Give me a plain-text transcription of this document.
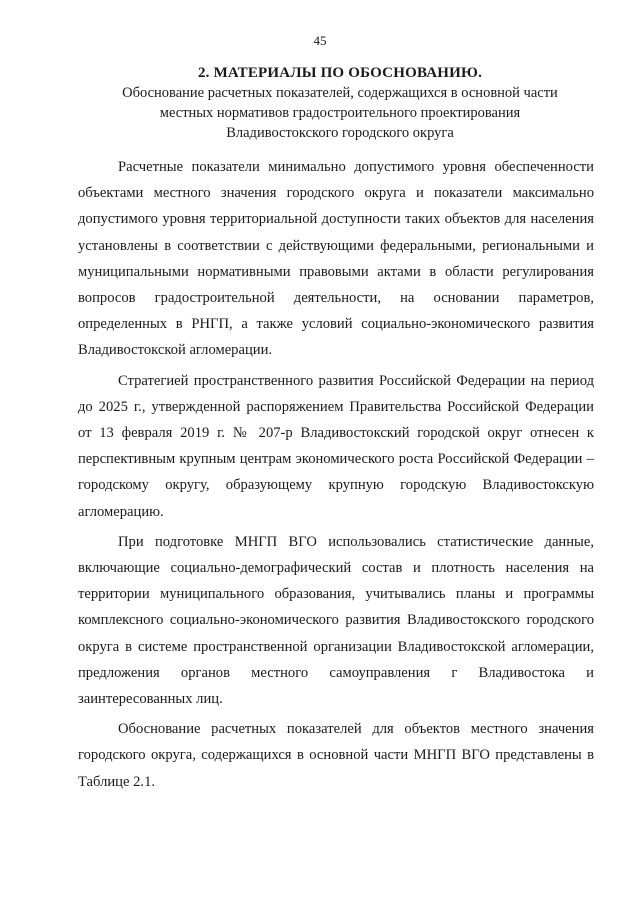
45
2. МАТЕРИАЛЫ ПО ОБОСНОВАНИЮ.
Обоснование расчетных показателей, содержащихся в основной части
местных нормативов градостроительного проектирования
Владивостокского городского округа

Расчетные показатели минимально допустимого уровня обеспеченности объектами местного значения городского округа и показатели максимально допустимого уровня территориальной доступности таких объектов для населения установлены в соответствии с действующими федеральными, региональными и муниципальными нормативными правовыми актами в области регулирования вопросов градостроительной деятельности, на основании параметров, определенных в РНГП, а также условий социально-экономического развития Владивостокской агломерации.

Стратегией пространственного развития Российской Федерации на период до 2025 г., утвержденной распоряжением Правительства Российской Федерации от 13 февраля 2019 г. № 207-р Владивостокский городской округ отнесен к перспективным крупным центрам экономического роста Российской Федерации – городскому округу, образующему крупную городскую Владивостокскую агломерацию.

При подготовке МНГП ВГО использовались статистические данные, включающие социально-демографический состав и плотность населения на территории муниципального образования, учитывались планы и программы комплексного социально-экономического развития Владивостокского городского округа в системе пространственной организации Владивостокской агломерации, предложения органов местного самоуправления г Владивостока и заинтересованных лиц.

Обоснование расчетных показателей для объектов местного значения городского округа, содержащихся в основной части МНГП ВГО представлены в Таблице 2.1.
